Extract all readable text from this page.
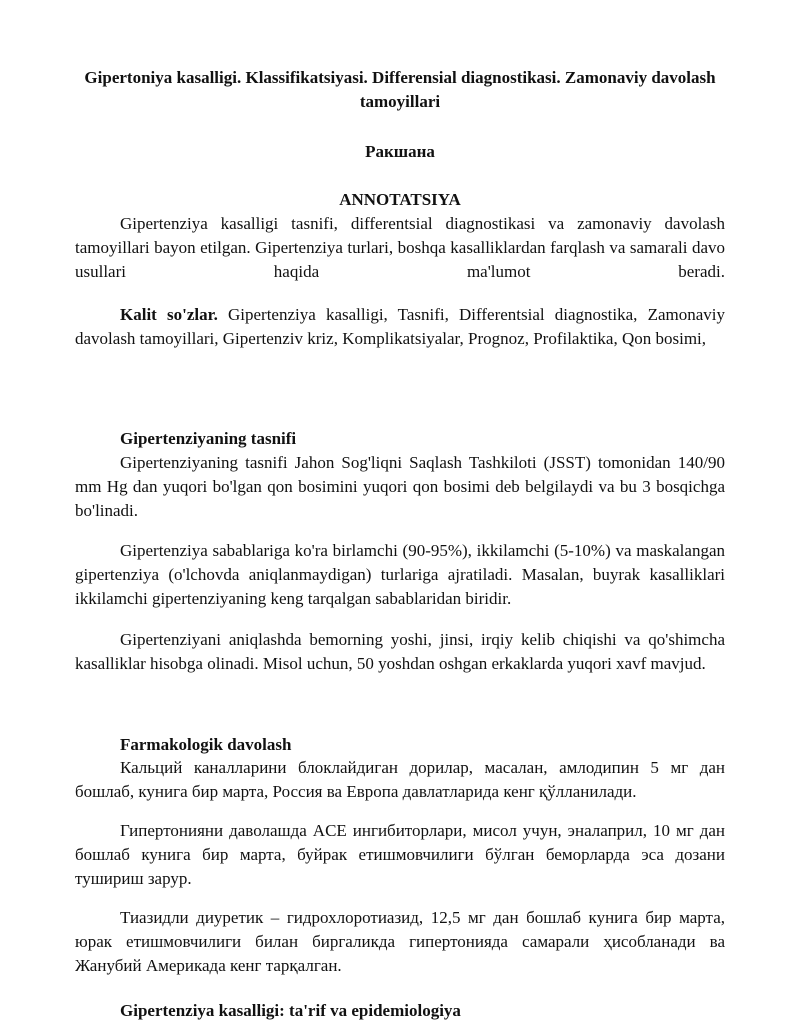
Gipertoniya kasalligi. Klassifikatsiyasi. Differensial diagnostikasi. Zamonaviy davolash tamoyillari

Ракшана

ANNOTATSIYA

Gipertenziya kasalligi tasnifi, differentsial diagnostikasi va zamonaviy davolash tamoyillari bayon etilgan. Gipertenziya turlari, boshqa kasalliklardan farqlash va samarali davo usullari haqida ma'lumot beradi.

Kalit so'zlar. Gipertenziya kasalligi, Tasnifi, Differentsial diagnostika, Zamonaviy davolash tamoyillari, Gipertenziv kriz, Komplikatsiyalar, Prognoz, Profilaktika, Qon bosimi,

Gipertenziyaning tasnifi

Gipertenziyaning tasnifi Jahon Sog'liqni Saqlash Tashkiloti (JSST) tomonidan 140/90 mm Hg dan yuqori bo'lgan qon bosimini yuqori qon bosimi deb belgilaydi va bu 3 bosqichga bo'linadi.

Gipertenziya sabablariga ko'ra birlamchi (90-95%), ikkilamchi (5-10%) va maskalangan gipertenziya (o'lchovda aniqlanmaydigan) turlariga ajratiladi. Masalan, buyrak kasalliklari ikkilamchi gipertenziyaning keng tarqalgan sabablaridan biridir.

Gipertenziyani aniqlashda bemorning yoshi, jinsi, irqiy kelib chiqishi va qo'shimcha kasalliklar hisobga olinadi. Misol uchun, 50 yoshdan oshgan erkaklarda yuqori xavf mavjud.

Farmakologik davolash

Кальций каналларини блоклайдиган дорилар, масалан, амлодипин 5 мг дан бошлаб, кунига бир марта, Россия ва Европа давлатларида кенг қўлланилади.

Гипертонияни даволашда ACE ингибиторлари, мисол учун, эналаприл, 10 мг дан бошлаб кунига бир марта, буйрак етишмовчилиги бўлган беморларда эса дозани тушириш зарур.

Тиазидли диуретик – гидрохлоротиазид, 12,5 мг дан бошлаб кунига бир марта, юрак етишмовчилиги билан биргаликда гипертонияда самарали ҳисобланади ва Жанубий Америкада кенг тарқалган.

Gipertenziya kasalligi: ta'rif va epidemiologiya
